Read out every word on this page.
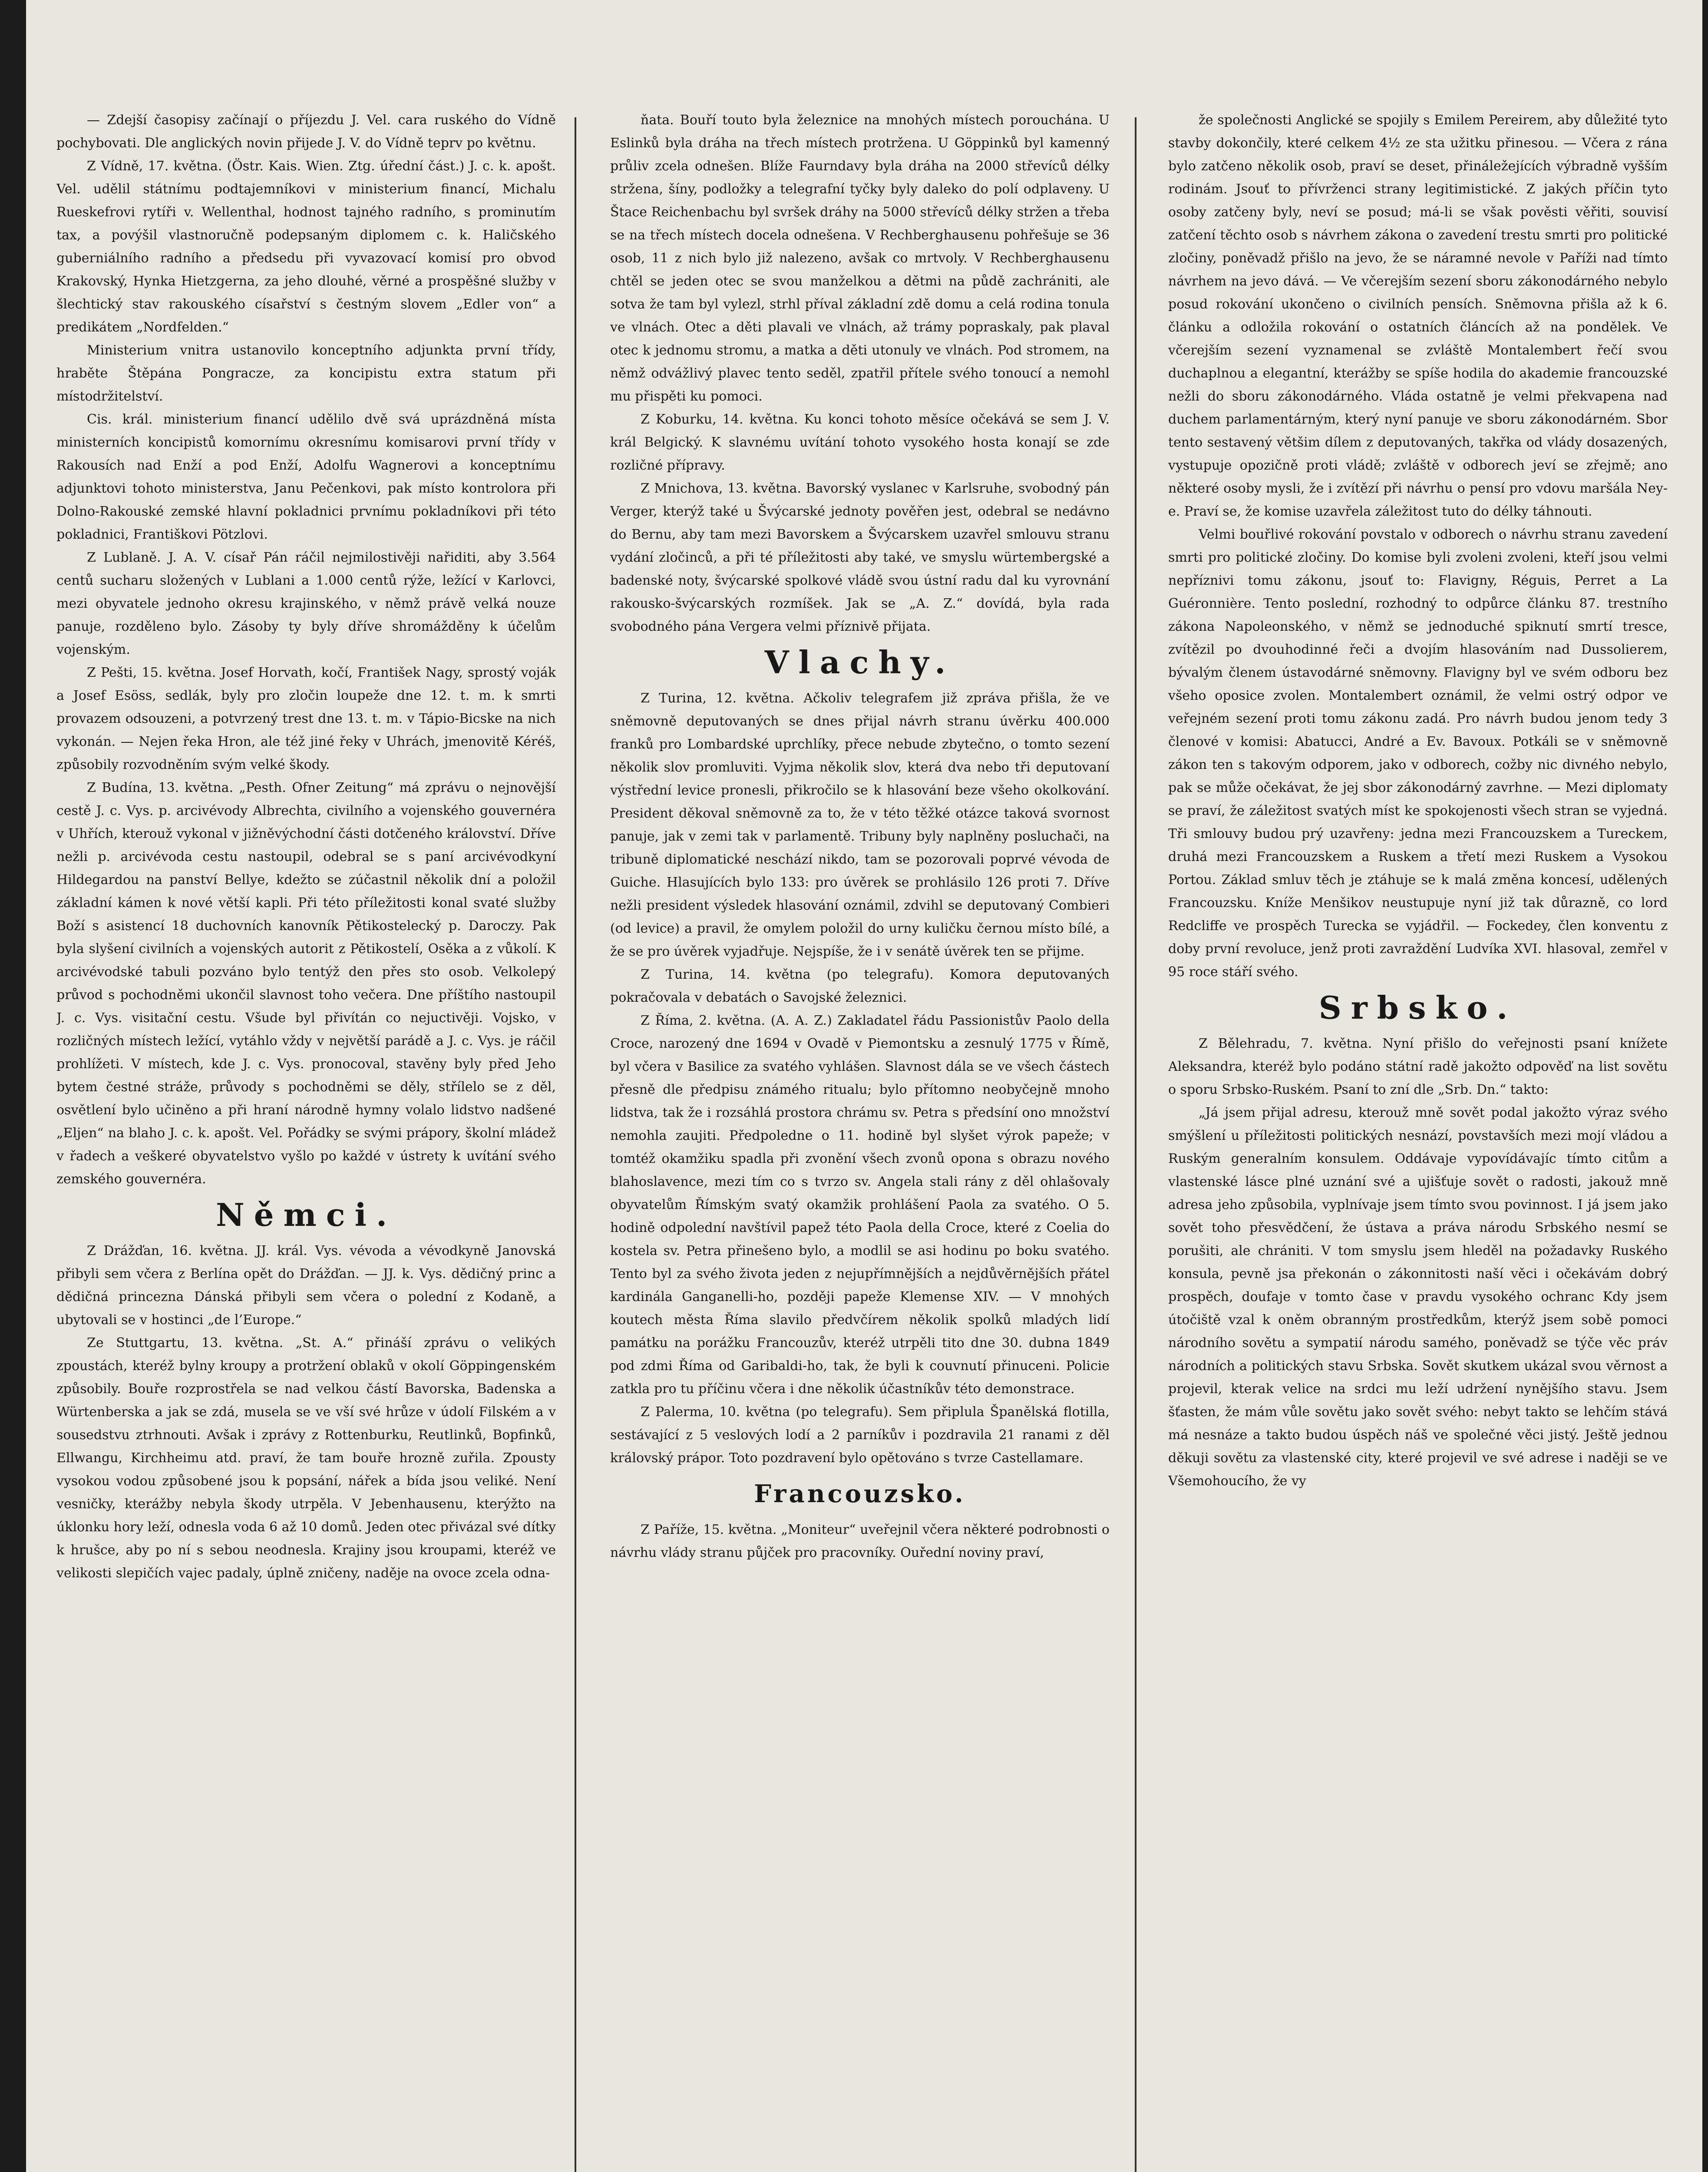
— Zdejší časopisy začínají o příjezdu J. Vel. cara ruského do Vídně pochybovati. Dle anglických novin přijede J. V. do Vídně teprv po květnu.

Z Vídně, 17. května. (Östr. Kais. Wien. Ztg. úřední část.) J. c. k. apošt. Vel. udělil státnímu podtajemníkovi v ministerium financí, Michalu Rueskefrovi rytíři v. Wellenthal, hodnost tajného radního, s prominutím tax, a povýšil vlastnoručně podepsaným diplomem c. k. Haličského guberniálního radního a předsedu při vyvazovací komisí pro obvod Krakovský, Hynka Hietzgerna, za jeho dlouhé, věrné a prospěšné služby v šlechtický stav rakouského císařství s čestným slovem „Edler von“ a predikátem „Nordfelden.“

Ministerium vnitra ustanovilo konceptního adjunkta první třídy, hraběte Štěpána Pongracze, za koncipistu extra statum při místodržitelství.

Cis. král. ministerium financí udělilo dvě svá uprázdněná místa ministerních koncipistů komornímu okresnímu komisarovi první třídy v Rakousích nad Enží a pod Enží, Adolfu Wagnerovi a konceptnímu adjunktovi tohoto ministerstva, Janu Pečenkovi, pak místo kontrolora při Dolno-Rakouské zemské hlavní pokladnici prvnímu pokladníkovi při této pokladnici, Františkovi Pötzlovi.

Z Lublaně. J. A. V. císař Pán ráčil nejmilostivěji nařiditi, aby 3.564 centů sucharu složených v Lublani a 1.000 centů rýže, ležící v Karlovci, mezi obyvatele jednoho okresu krajinského, v němž právě velká nouze panuje, rozděleno bylo. Zásoby ty byly dříve shromážděny k účelům vojenským.

Z Pešti, 15. května. Josef Horvath, kočí, František Nagy, sprostý voják a Josef Esöss, sedlák, byly pro zločin loupeže dne 12. t. m. k smrti provazem odsouzeni, a potvrzený trest dne 13. t. m. v Tápio-Bicske na nich vykonán. — Nejen řeka Hron, ale též jiné řeky v Uhrách, jmenovitě Kéréš, způsobily rozvodněním svým velké škody.

Z Budína, 13. května. „Pesth. Ofner Zeitung“ má zprávu o nejnovější cestě J. c. Vys. p. arcivévody Albrechta, civilního a vojenského gouvernéra v Uhřích, kterouž vykonal v jižněvýchodní části dotčeného království. Dříve nežli p. arcivévoda cestu nastoupil, odebral se s paní arcivévodkyní Hildegardou na panství Bellye, kdežto se zúčastnil několik dní a položil základní kámen k nové větší kapli. Při této příležitosti konal svaté služby Boží s asistencí 18 duchovních kanovník Pětikostelecký p. Daroczy. Pak byla slyšení civilních a vojenských autorit z Pětikostelí, Osěka a z vůkolí. K arcivévodské tabuli pozváno bylo tentýž den přes sto osob. Velkolepý průvod s pochodněmi ukončil slavnost toho večera. Dne příštího nastoupil J. c. Vys. visitační cestu. Všude byl přivítán co nejuctivěji. Vojsko, v rozličných místech ležící, vytáhlo vždy v největší parádě a J. c. Vys. je ráčil prohlížeti. V místech, kde J. c. Vys. pronocoval, stavěny byly před Jeho bytem čestné stráže, průvody s pochodněmi se děly, střílelo se z děl, osvětlení bylo učiněno a při hraní národně hymny volalo lidstvo nadšené „Eljen“ na blaho J. c. k. apošt. Vel. Pořádky se svými prápory, školní mládež v řadech a veškeré obyvatelstvo vyšlo po každé v ústrety k uvítání svého zemského gouvernéra.

Němci.

Z Drážďan, 16. května. JJ. král. Vys. vévoda a vévodkyně Janovská přibyli sem včera z Berlína opět do Drážďan. — JJ. k. Vys. dědičný princ a dědičná princezna Dánská přibyli sem včera o polední z Kodaně, a ubytovali se v hostinci „de l’Europe.“

Ze Stuttgartu, 13. května. „St. A.“ přináší zprávu o velikých zpoustách, kteréž bylny kroupy a protržení oblaků v okolí Göppingenském způsobily. Bouře rozprostřela se nad velkou částí Bavorska, Badenska a Würtenberska a jak se zdá, musela se ve vší své hrůze v údolí Filském a v sousedstvu ztrhnouti. Avšak i zprávy z Rottenburku, Reutlinků, Bopfinků, Ellwangu, Kirchheimu atd. praví, že tam bouře hrozně zuřila. Zpousty vysokou vodou způsobené jsou k popsání, nářek a bída jsou veliké. Není vesničky, kterážby nebyla škody utrpěla. V Jebenhausenu, kterýžto na úklonku hory leží, odnesla voda 6 až 10 domů. Jeden otec přivázal své dítky k hrušce, aby po ní s sebou neodnesla. Krajiny jsou kroupami, kteréž ve velikosti slepičích vajec padaly, úplně zničeny, naděje na ovoce zcela odna-

ňata. Bouří touto byla železnice na mnohých místech porouchána. U Eslinků byla dráha na třech místech protržena. U Göppinků byl kamenný průliv zcela odnešen. Blíže Faurndavy byla dráha na 2000 střevíců délky stržena, šíny, podložky a telegrafní tyčky byly daleko do polí odplaveny. U Štace Reichenbachu byl svršek dráhy na 5000 střevíců délky stržen a třeba se na třech místech docela odnešena. V Rechberghausenu pohřešuje se 36 osob, 11 z nich bylo již nalezeno, avšak co mrtvoly. V Rechberghausenu chtěl se jeden otec se svou manželkou a dětmi na půdě zachrániti, ale sotva že tam byl vylezl, strhl příval základní zdě domu a celá rodina tonula ve vlnách. Otec a děti plavali ve vlnách, až trámy popraskaly, pak plaval otec k jednomu stromu, a matka a děti utonuly ve vlnách. Pod stromem, na němž odvážlivý plavec tento seděl, zpatřil přítele svého tonoucí a nemohl mu přispěti ku pomoci.

Z Koburku, 14. května. Ku konci tohoto měsíce očekává se sem J. V. král Belgický. K slavnému uvítání tohoto vysokého hosta konají se zde rozličné přípravy.

Z Mnichova, 13. května. Bavorský vyslanec v Karlsruhe, svobodný pán Verger, kterýž také u Švýcarské jednoty pověřen jest, odebral se nedávno do Bernu, aby tam mezi Bavorskem a Švýcarskem uzavřel smlouvu stranu vydání zločinců, a při té příležitosti aby také, ve smyslu würtembergské a badenské noty, švýcarské spolkové vládě svou ústní radu dal ku vyrovnání rakousko-švýcarských rozmíšek. Jak se „A. Z.“ dovídá, byla rada svobodného pána Vergera velmi příznivě přijata.

Vlachy.

Z Turina, 12. května. Ačkoliv telegrafem již zpráva přišla, že ve sněmovně deputovaných se dnes přijal návrh stranu úvěrku 400.000 franků pro Lombardské uprchlíky, přece nebude zbytečno, o tomto sezení několik slov promluviti. Vyjma několik slov, která dva nebo tři deputovaní výstřední levice pronesli, přikročilo se k hlasování beze všeho okolkování. President děkoval sněmovně za to, že v této těžké otázce taková svornost panuje, jak v zemi tak v parlamentě. Tribuny byly naplněny posluchači, na tribuně diplomatické neschází nikdo, tam se pozorovali poprvé vévoda de Guiche. Hlasujících bylo 133: pro úvěrek se prohlásilo 126 proti 7. Dříve nežli president výsledek hlasování oznámil, zdvihl se deputovaný Combieri (od levice) a pravil, že omylem položil do urny kuličku černou místo bílé, a že se pro úvěrek vyjadřuje. Nejspíše, že i v senátě úvěrek ten se přijme.

Z Turina, 14. května (po telegrafu). Komora deputovaných pokračovala v debatách o Savojské železnici.

Z Říma, 2. května. (A. A. Z.) Zakladatel řádu Passionistův Paolo della Croce, narozený dne 1694 v Ovadě v Piemontsku a zesnulý 1775 v Římě, byl včera v Basilice za svatého vyhlášen. Slavnost dála se ve všech částech přesně dle předpisu známého ritualu; bylo přítomno neobyčejně mnoho lidstva, tak že i rozsáhlá prostora chrámu sv. Petra s předsíní ono množství nemohla zaujiti. Předpoledne o 11. hodině byl slyšet výrok papeže; v tomtéž okamžiku spadla při zvonění všech zvonů opona s obrazu nového blahoslavence, mezi tím co s tvrzo sv. Angela stali rány z děl ohlašovaly obyvatelům Římským svatý okamžik prohlášení Paola za svatého. O 5. hodině odpolední navštívil papež této Paola della Croce, které z Coelia do kostela sv. Petra přinešeno bylo, a modlil se asi hodinu po boku svatého. Tento byl za svého života jeden z nejupřímnějších a nejdůvěrnějších přátel kardinála Ganganelli-ho, později papeže Klemense XIV. — V mnohých koutech města Říma slavilo předvčírem několik spolků mladých lidí památku na porážku Francouzův, kteréž utrpěli tito dne 30. dubna 1849 pod zdmi Říma od Garibaldi-ho, tak, že byli k couvnutí přinuceni. Policie zatkla pro tu příčinu včera i dne několik účastníkův této demonstrace.

Z Palerma, 10. května (po telegrafu). Sem připlula Španělská flotilla, sestávající z 5 veslových lodí a 2 parníkův i pozdravila 21 ranami z děl královský prápor. Toto pozdravení bylo opětováno s tvrze Castellamare.

Francouzsko.

Z Paříže, 15. května. „Moniteur“ uveřejnil včera některé podrobnosti o návrhu vlády stranu půjček pro pracovníky. Ouřední noviny praví,

že společnosti Anglické se spojily s Emilem Pereirem, aby důležité tyto stavby dokončily, které celkem 4½ ze sta užitku přinesou. — Včera z rána bylo zatčeno několik osob, praví se deset, přináležejících výbradně vyšším rodinám. Jsouť to přívrženci strany legitimistické. Z jakých příčin tyto osoby zatčeny byly, neví se posud; má-li se však pověsti věřiti, souvisí zatčení těchto osob s návrhem zákona o zavedení trestu smrti pro politické zločiny, poněvadž přišlo na jevo, že se náramné nevole v Paříži nad tímto návrhem na jevo dává. — Ve včerejším sezení sboru zákonodárného nebylo posud rokování ukončeno o civilních pensích. Sněmovna přišla až k 6. článku a odložila rokování o ostatních článcích až na pondělek. Ve včerejším sezení vyznamenal se zvláště Montalembert řečí svou duchaplnou a elegantní, kterážby se spíše hodila do akademie francouzské nežli do sboru zákonodárného. Vláda ostatně je velmi překvapena nad duchem parlamentárným, který nyní panuje ve sboru zákonodárném. Sbor tento sestavený většim dílem z deputovaných, takřka od vlády dosazených, vystupuje opozičně proti vládě; zvláště v odborech jeví se zřejmě; ano některé osoby mysli, že i zvítězí při návrhu o pensí pro vdovu maršála Ney-e. Praví se, že komise uzavřela záležitost tuto do délky táhnouti.

Velmi bouřlivé rokování povstalo v odborech o návrhu stranu zavedení smrti pro politické zločiny. Do komise byli zvoleni zvoleni, kteří jsou velmi nepříznivi tomu zákonu, jsouť to: Flavigny, Réguis, Perret a La Guéronnière. Tento poslední, rozhodný to odpůrce článku 87. trestního zákona Napoleonského, v němž se jednoduché spiknutí smrtí tresce, zvítězil po dvouhodinné řeči a dvojím hlasováním nad Dussolierem, bývalým členem ústavodárné sněmovny. Flavigny byl ve svém odboru bez všeho oposice zvolen. Montalembert oznámil, že velmi ostrý odpor ve veřejném sezení proti tomu zákonu zadá. Pro návrh budou jenom tedy 3 členové v komisi: Abatucci, André a Ev. Bavoux. Potkáli se v sněmovně zákon ten s takovým odporem, jako v odborech, cožby nic divného nebylo, pak se může očekávat, že jej sbor zákonodárný zavrhne. — Mezi diplomaty se praví, že záležitost svatých míst ke spokojenosti všech stran se vyjedná. Tři smlouvy budou prý uzavřeny: jedna mezi Francouzskem a Tureckem, druhá mezi Francouzskem a Ruskem a třetí mezi Ruskem a Vysokou Portou. Základ smluv těch je ztáhuje se k malá změna koncesí, udělených Francouzsku. Kníže Menšikov neustupuje nyní již tak důrazně, co lord Redcliffe ve prospěch Turecka se vyjádřil. — Fockedey, člen konventu z doby první revoluce, jenž proti zavraždění Ludvíka XVI. hlasoval, zemřel v 95 roce stáří svého.

Srbsko.

Z Bělehradu, 7. května. Nyní přišlo do veřejnosti psaní knížete Aleksandra, kteréž bylo podáno státní radě jakožto odpověď na list sovětu o sporu Srbsko-Ruském. Psaní to zní dle „Srb. Dn.“ takto:

„Já jsem přijal adresu, kterouž mně sovět podal jakožto výraz svého smýšlení u příležitosti politických nesnází, povstavších mezi mojí vládou a Ruským generalním konsulem. Oddávaje vypovídávajíc tímto citům a vlastenské lásce plné uznání své a ujišťuje sovět o radosti, jakouž mně adresa jeho způsobila, vyplnívaje jsem tímto svou povinnost. I já jsem jako sovět toho přesvědčení, že ústava a práva národu Srbského nesmí se porušiti, ale chrániti. V tom smyslu jsem hleděl na požadavky Ruského konsula, pevně jsa překonán o zákonnitosti naší věci i očekávám dobrý prospěch, doufaje v tomto čase v pravdu vysokého ochranc Kdy jsem útočiště vzal k oněm obranným prostředkům, kterýž jsem sobě pomoci národního sovětu a sympatií národu samého, poněvadž se týče věc práv národních a politických stavu Srbska. Sovět skutkem ukázal svou věrnost a projevil, kterak velice na srdci mu leží udržení nynějšího stavu. Jsem šťasten, že mám vůle sovětu jako sovět svého: nebyt takto se lehčím stává má nesnáze a takto budou úspěch náš ve společné věci jistý. Ještě jednou děkuji sovětu za vlastenské city, které projevil ve své adrese i naději se ve Všemohoucího, že vy
